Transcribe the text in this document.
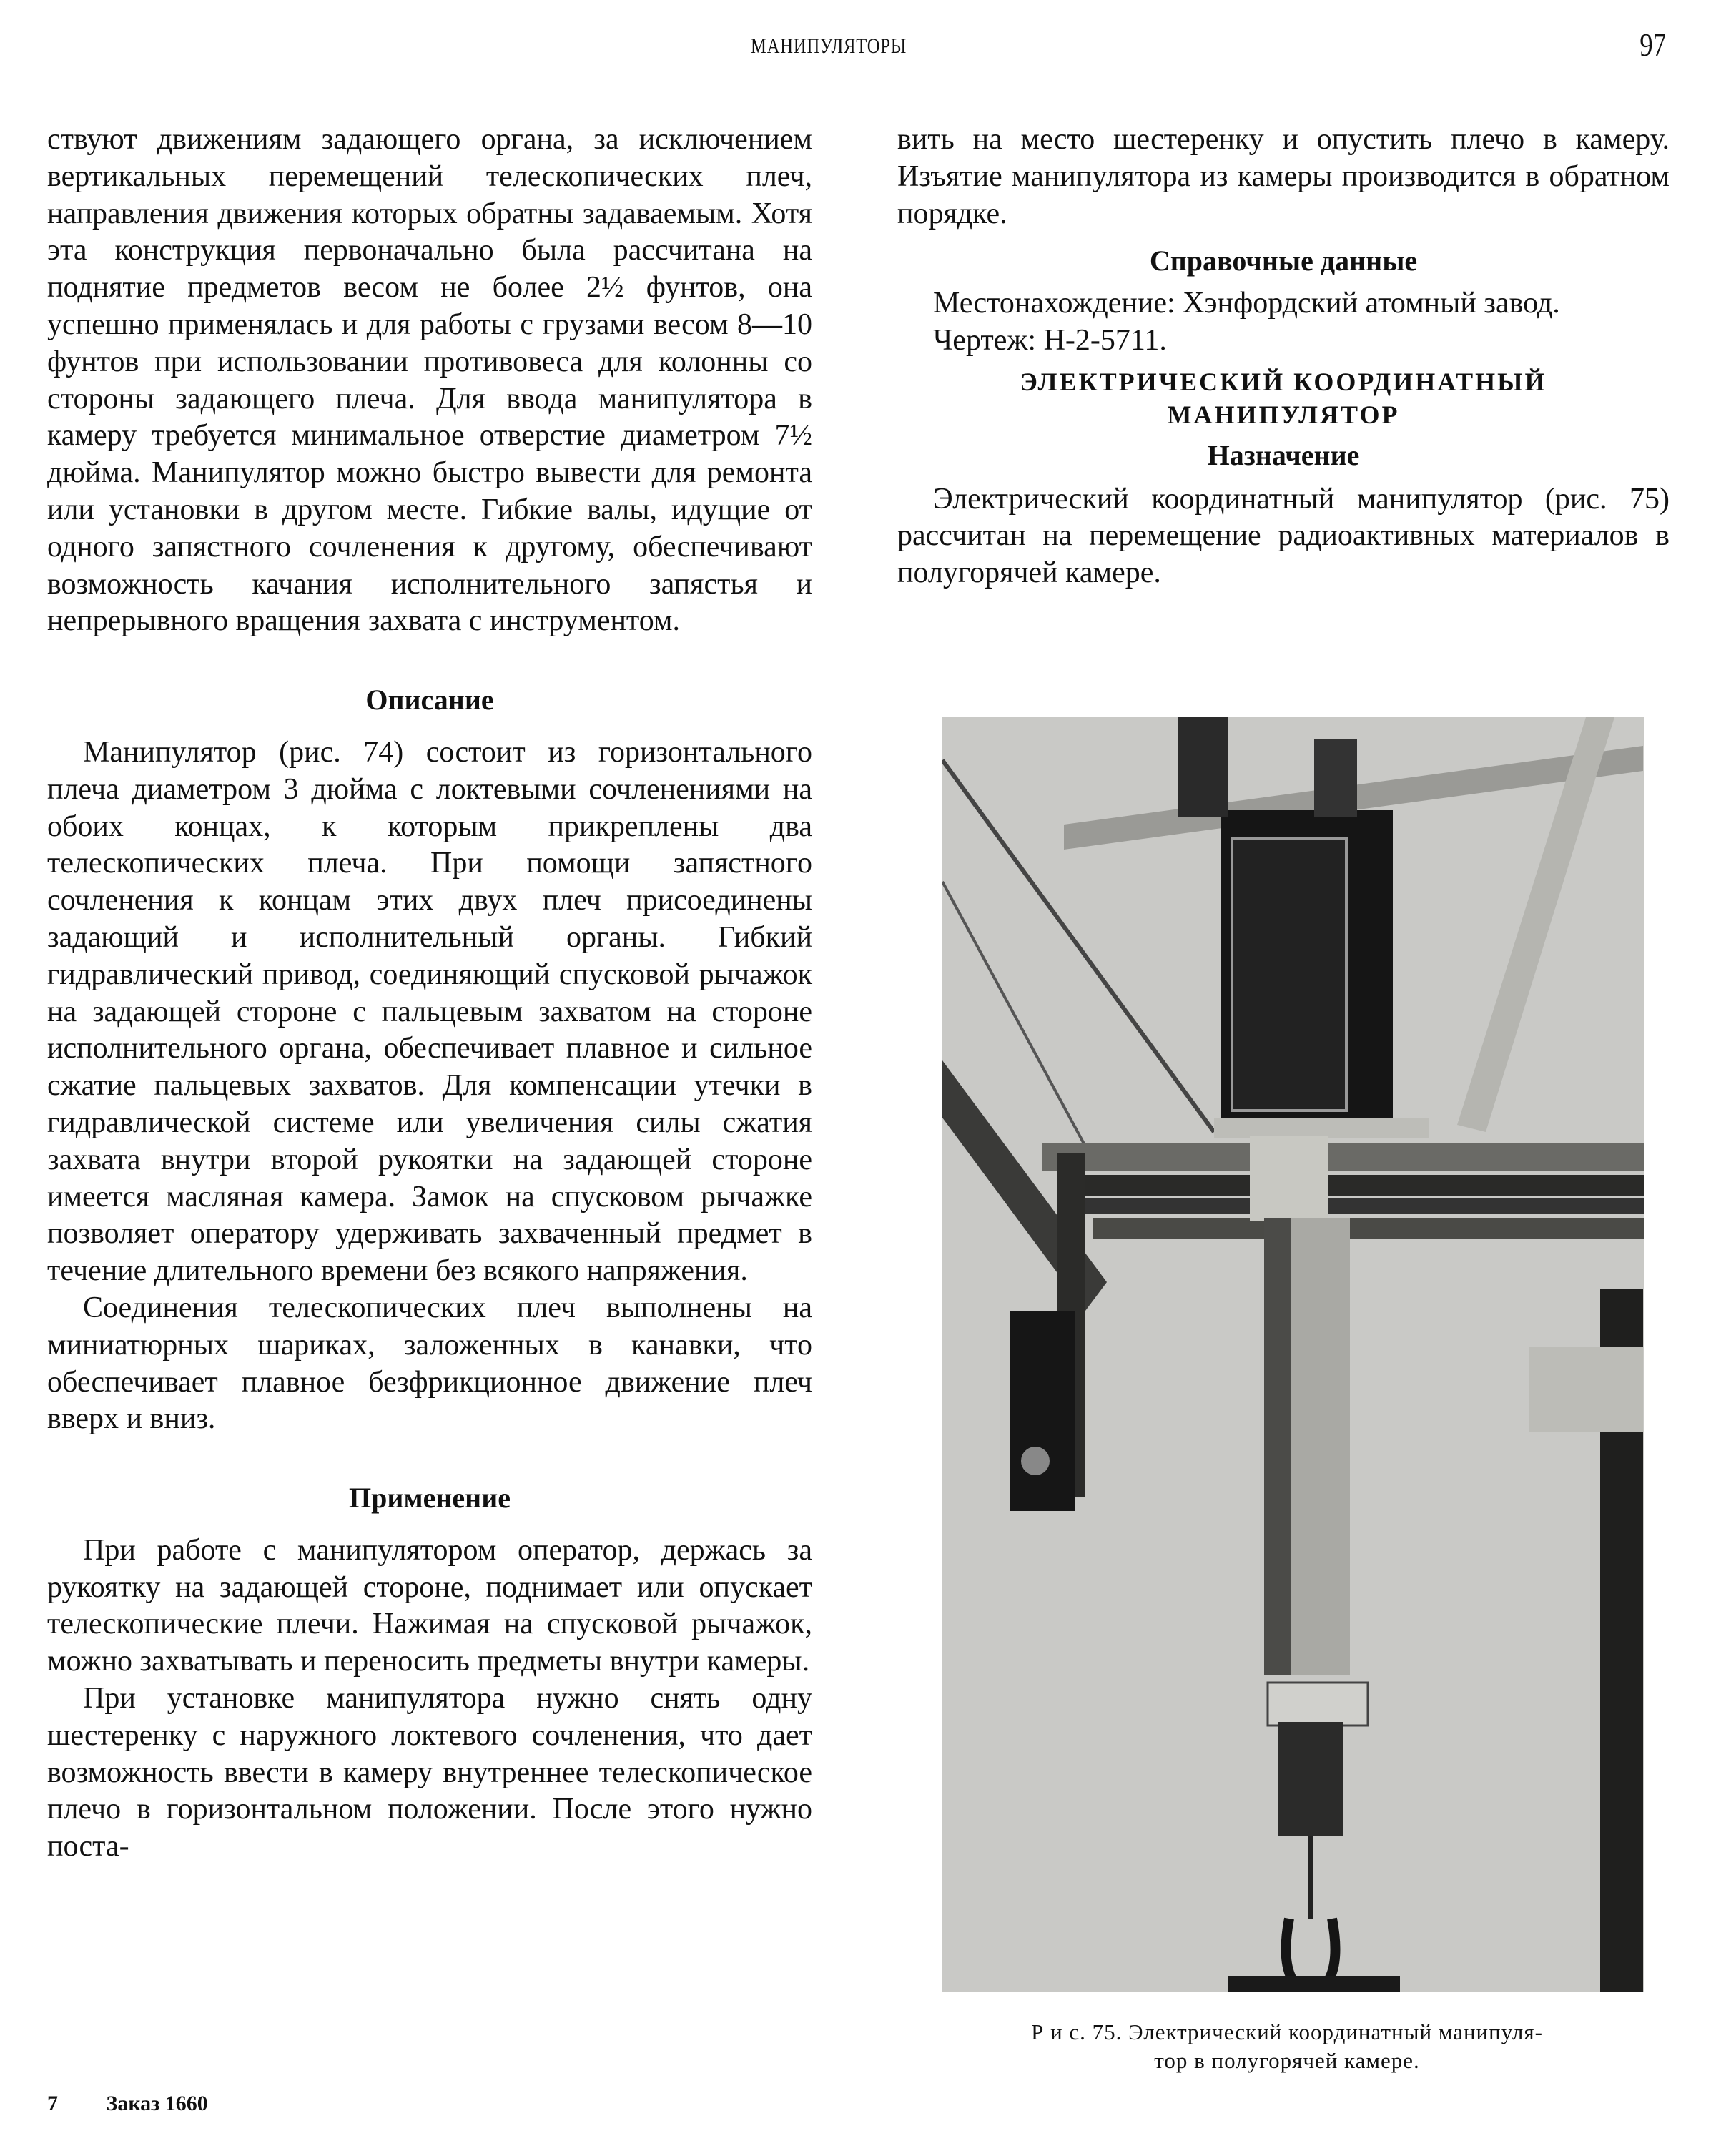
МАНИПУЛЯТОРЫ	97

ствуют движениям задающего органа, за исключением вертикальных перемещений телескопических плеч, направления движения которых обратны задаваемым. Хотя эта конструкция первоначально была рассчитана на поднятие предметов весом не более 2½ фунтов, она успешно применялась и для работы с грузами весом 8—10 фунтов при использовании противовеса для колонны со стороны задающего плеча. Для ввода манипулятора в камеру требуется минимальное отверстие диаметром 7½ дюйма. Манипулятор можно быстро вывести для ремонта или установки в другом месте. Гибкие валы, идущие от одного запястного сочленения к другому, обеспечивают возможность качания исполнительного запястья и непрерывного вращения захвата с инструментом.

Описание

Манипулятор (рис. 74) состоит из горизонтального плеча диаметром 3 дюйма с локтевыми сочленениями на обоих концах, к которым прикреплены два телескопических плеча. При помощи запястного сочленения к концам этих двух плеч присоединены задающий и исполнительный органы. Гибкий гидравлический привод, соединяющий спусковой рычажок на задающей стороне с пальцевым захватом на стороне исполнительного органа, обеспечивает плавное и сильное сжатие пальцевых захватов. Для компенсации утечки в гидравлической системе или увеличения силы сжатия захвата внутри второй рукоятки на задающей стороне имеется масляная камера. Замок на спусковом рычажке позволяет оператору удерживать захваченный предмет в течение длительного времени без всякого напряжения.

Соединения телескопических плеч выполнены на миниатюрных шариках, заложенных в канавки, что обеспечивает плавное безфрикционное движение плеч вверх и вниз.

Применение

При работе с манипулятором оператор, держась за рукоятку на задающей стороне, поднимает или опускает телескопические плечи. Нажимая на спусковой рычажок, можно захватывать и переносить предметы внутри камеры.

При установке манипулятора нужно снять одну шестеренку с наружного локтевого сочленения, что дает возможность ввести в камеру внутреннее телескопическое плечо в горизонтальном положении. После этого нужно поста-

вить на место шестеренку и опустить плечо в камеру. Изъятие манипулятора из камеры производится в обратном порядке.

Справочные данные

Местонахождение: Хэнфордский атомный завод.

Чертеж: Н-2-5711.

ЭЛЕКТРИЧЕСКИЙ КООРДИНАТНЫЙ
МАНИПУЛЯТОР
Назначение

Электрический координатный манипулятор (рис. 75) рассчитан на перемещение радиоактивных материалов в полугорячей камере.

Р и с. 75. Электрический координатный манипуля-
тор в полугорячей камере.
7 Заказ 1660
